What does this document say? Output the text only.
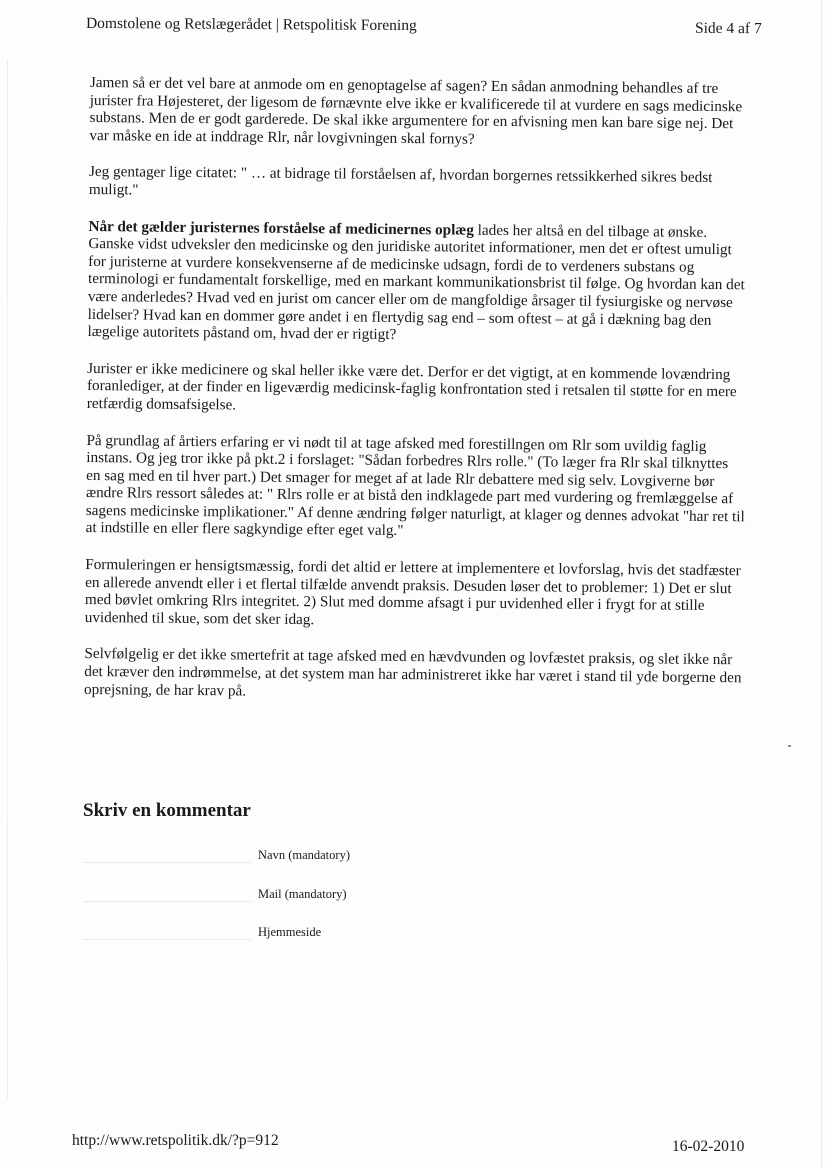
Domstolene og Retslægerådet | Retspolitisk Forening	Side 4 af 7

Jamen så er det vel bare at anmode om en genoptagelse af sagen? En sådan anmodning behandles af tre jurister fra Højesteret, der ligesom de førnævnte elve ikke er kvalificerede til at vurdere en sags medicinske substans. Men de er godt garderede. De skal ikke argumentere for en afvisning men kan bare sige nej. Det var måske en ide at inddrage Rlr, når lovgivningen skal fornys?

Jeg gentager lige citatet: " … at bidrage til forståelsen af, hvordan borgernes retssikkerhed sikres bedst muligt."

Når det gælder juristernes forståelse af medicinernes oplæg lades her altså en del tilbage at ønske. Ganske vidst udveksler den medicinske og den juridiske autoritet informationer, men det er oftest umuligt for juristerne at vurdere konsekvenserne af de medicinske udsagn, fordi de to verdeners substans og terminologi er fundamentalt forskellige, med en markant kommunikationsbrist til følge. Og hvordan kan det være anderledes? Hvad ved en jurist om cancer eller om de mangfoldige årsager til fysiurgiske og nervøse lidelser? Hvad kan en dommer gøre andet i en flertydig sag end – som oftest – at gå i dækning bag den lægelige autoritets påstand om, hvad der er rigtigt?

Jurister er ikke medicinere og skal heller ikke være det. Derfor er det vigtigt, at en kommende lovændring foranlediger, at der finder en ligeværdig medicinsk-faglig konfrontation sted i retsalen til støtte for en mere retfærdig domsafsigelse.

På grundlag af årtiers erfaring er vi nødt til at tage afsked med forestillngen om Rlr som uvildig faglig instans. Og jeg tror ikke på pkt.2 i forslaget: "Sådan forbedres Rlrs rolle." (To læger fra Rlr skal tilknyttes en sag med en til hver part.) Det smager for meget af at lade Rlr debattere med sig selv. Lovgiverne bør ændre Rlrs ressort således at: " Rlrs rolle er at bistå den indklagede part med vurdering og fremlæggelse af sagens medicinske implikationer." Af denne ændring følger naturligt, at klager og dennes advokat "har ret til at indstille en eller flere sagkyndige efter eget valg."

Formuleringen er hensigtsmæssig, fordi det altid er lettere at implementere et lovforslag, hvis det stadfæster en allerede anvendt eller i et flertal tilfælde anvendt praksis. Desuden løser det to problemer: 1) Det er slut med bøvlet omkring Rlrs integritet. 2) Slut med domme afsagt i pur uvidenhed eller i frygt for at stille uvidenhed til skue, som det sker idag.

Selvfølgelig er det ikke smertefrit at tage afsked med en hævdvunden og lovfæstet praksis, og slet ikke når det kræver den indrømmelse, at det system man har administreret ikke har været i stand til yde borgerne den oprejsning, de har krav på.

Skriv en kommentar
Navn (mandatory)
Mail (mandatory)
Hjemmeside
http://www.retspolitik.dk/?p=912	16-02-2010
